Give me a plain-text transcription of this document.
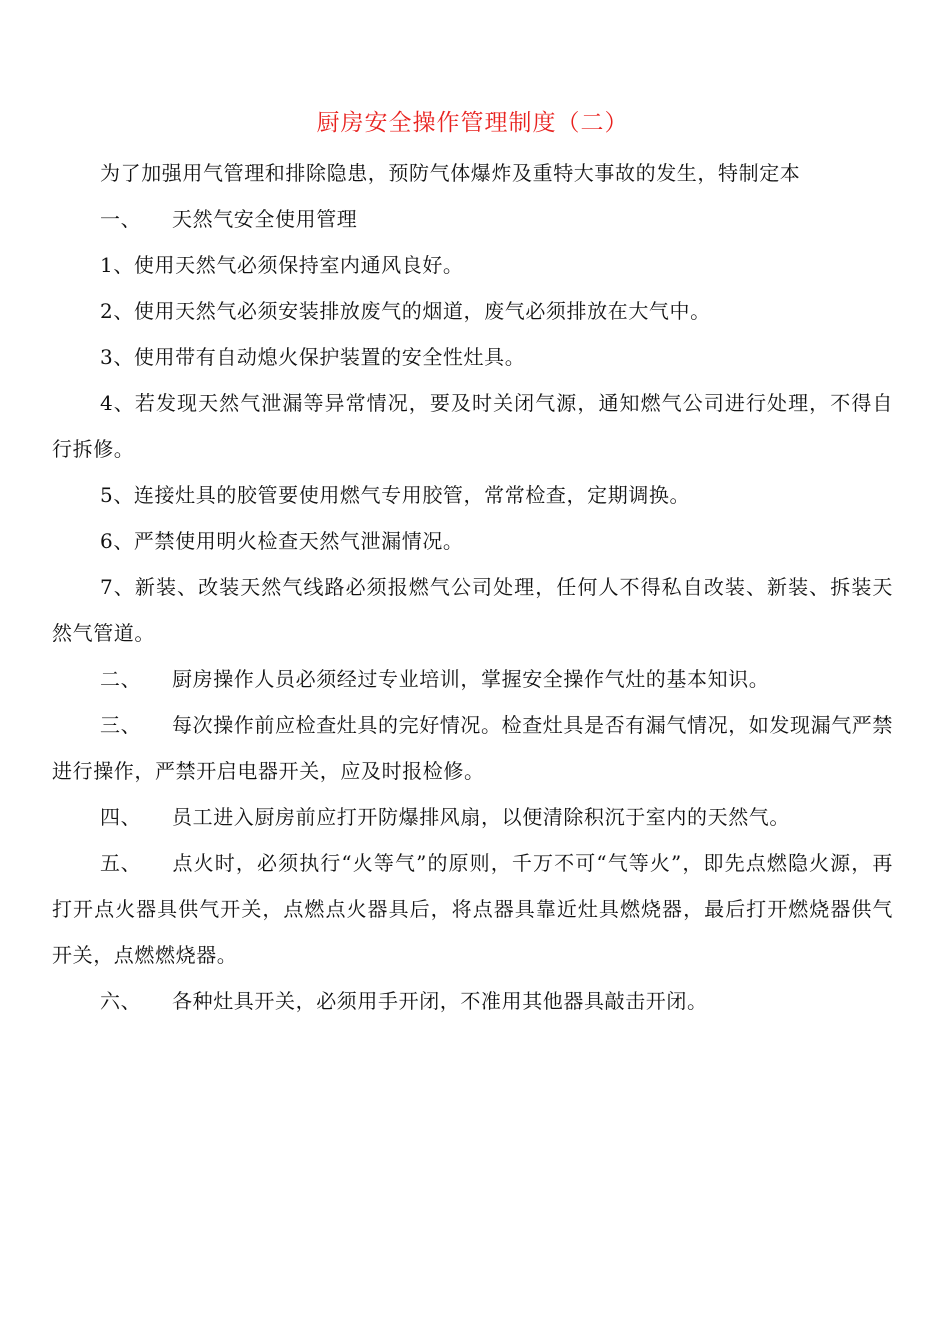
厨房安全操作管理制度（二）

为了加强用气管理和排除隐患，预防气体爆炸及重特大事故的发生，特制定本

一、 天然气安全使用管理

1、使用天然气必须保持室内通风良好。

2、使用天然气必须安装排放废气的烟道，废气必须排放在大气中。

3、使用带有自动熄火保护装置的安全性灶具。

4、若发现天然气泄漏等异常情况，要及时关闭气源，通知燃气公司进行处理，不得自行拆修。

5、连接灶具的胶管要使用燃气专用胶管，常常检查，定期调换。

6、严禁使用明火检查天然气泄漏情况。

7、新装、改装天然气线路必须报燃气公司处理，任何人不得私自改装、新装、拆装天然气管道。

二、 厨房操作人员必须经过专业培训，掌握安全操作气灶的基本知识。

三、 每次操作前应检查灶具的完好情况。检查灶具是否有漏气情况，如发现漏气严禁进行操作，严禁开启电器开关，应及时报检修。

四、 员工进入厨房前应打开防爆排风扇，以便清除积沉于室内的天然气。

五、 点火时，必须执行“火等气”的原则，千万不可“气等火”，即先点燃隐火源，再打开点火器具供气开关，点燃点火器具后，将点器具靠近灶具燃烧器，最后打开燃烧器供气开关，点燃燃烧器。

六、 各种灶具开关，必须用手开闭，不准用其他器具敲击开闭。
